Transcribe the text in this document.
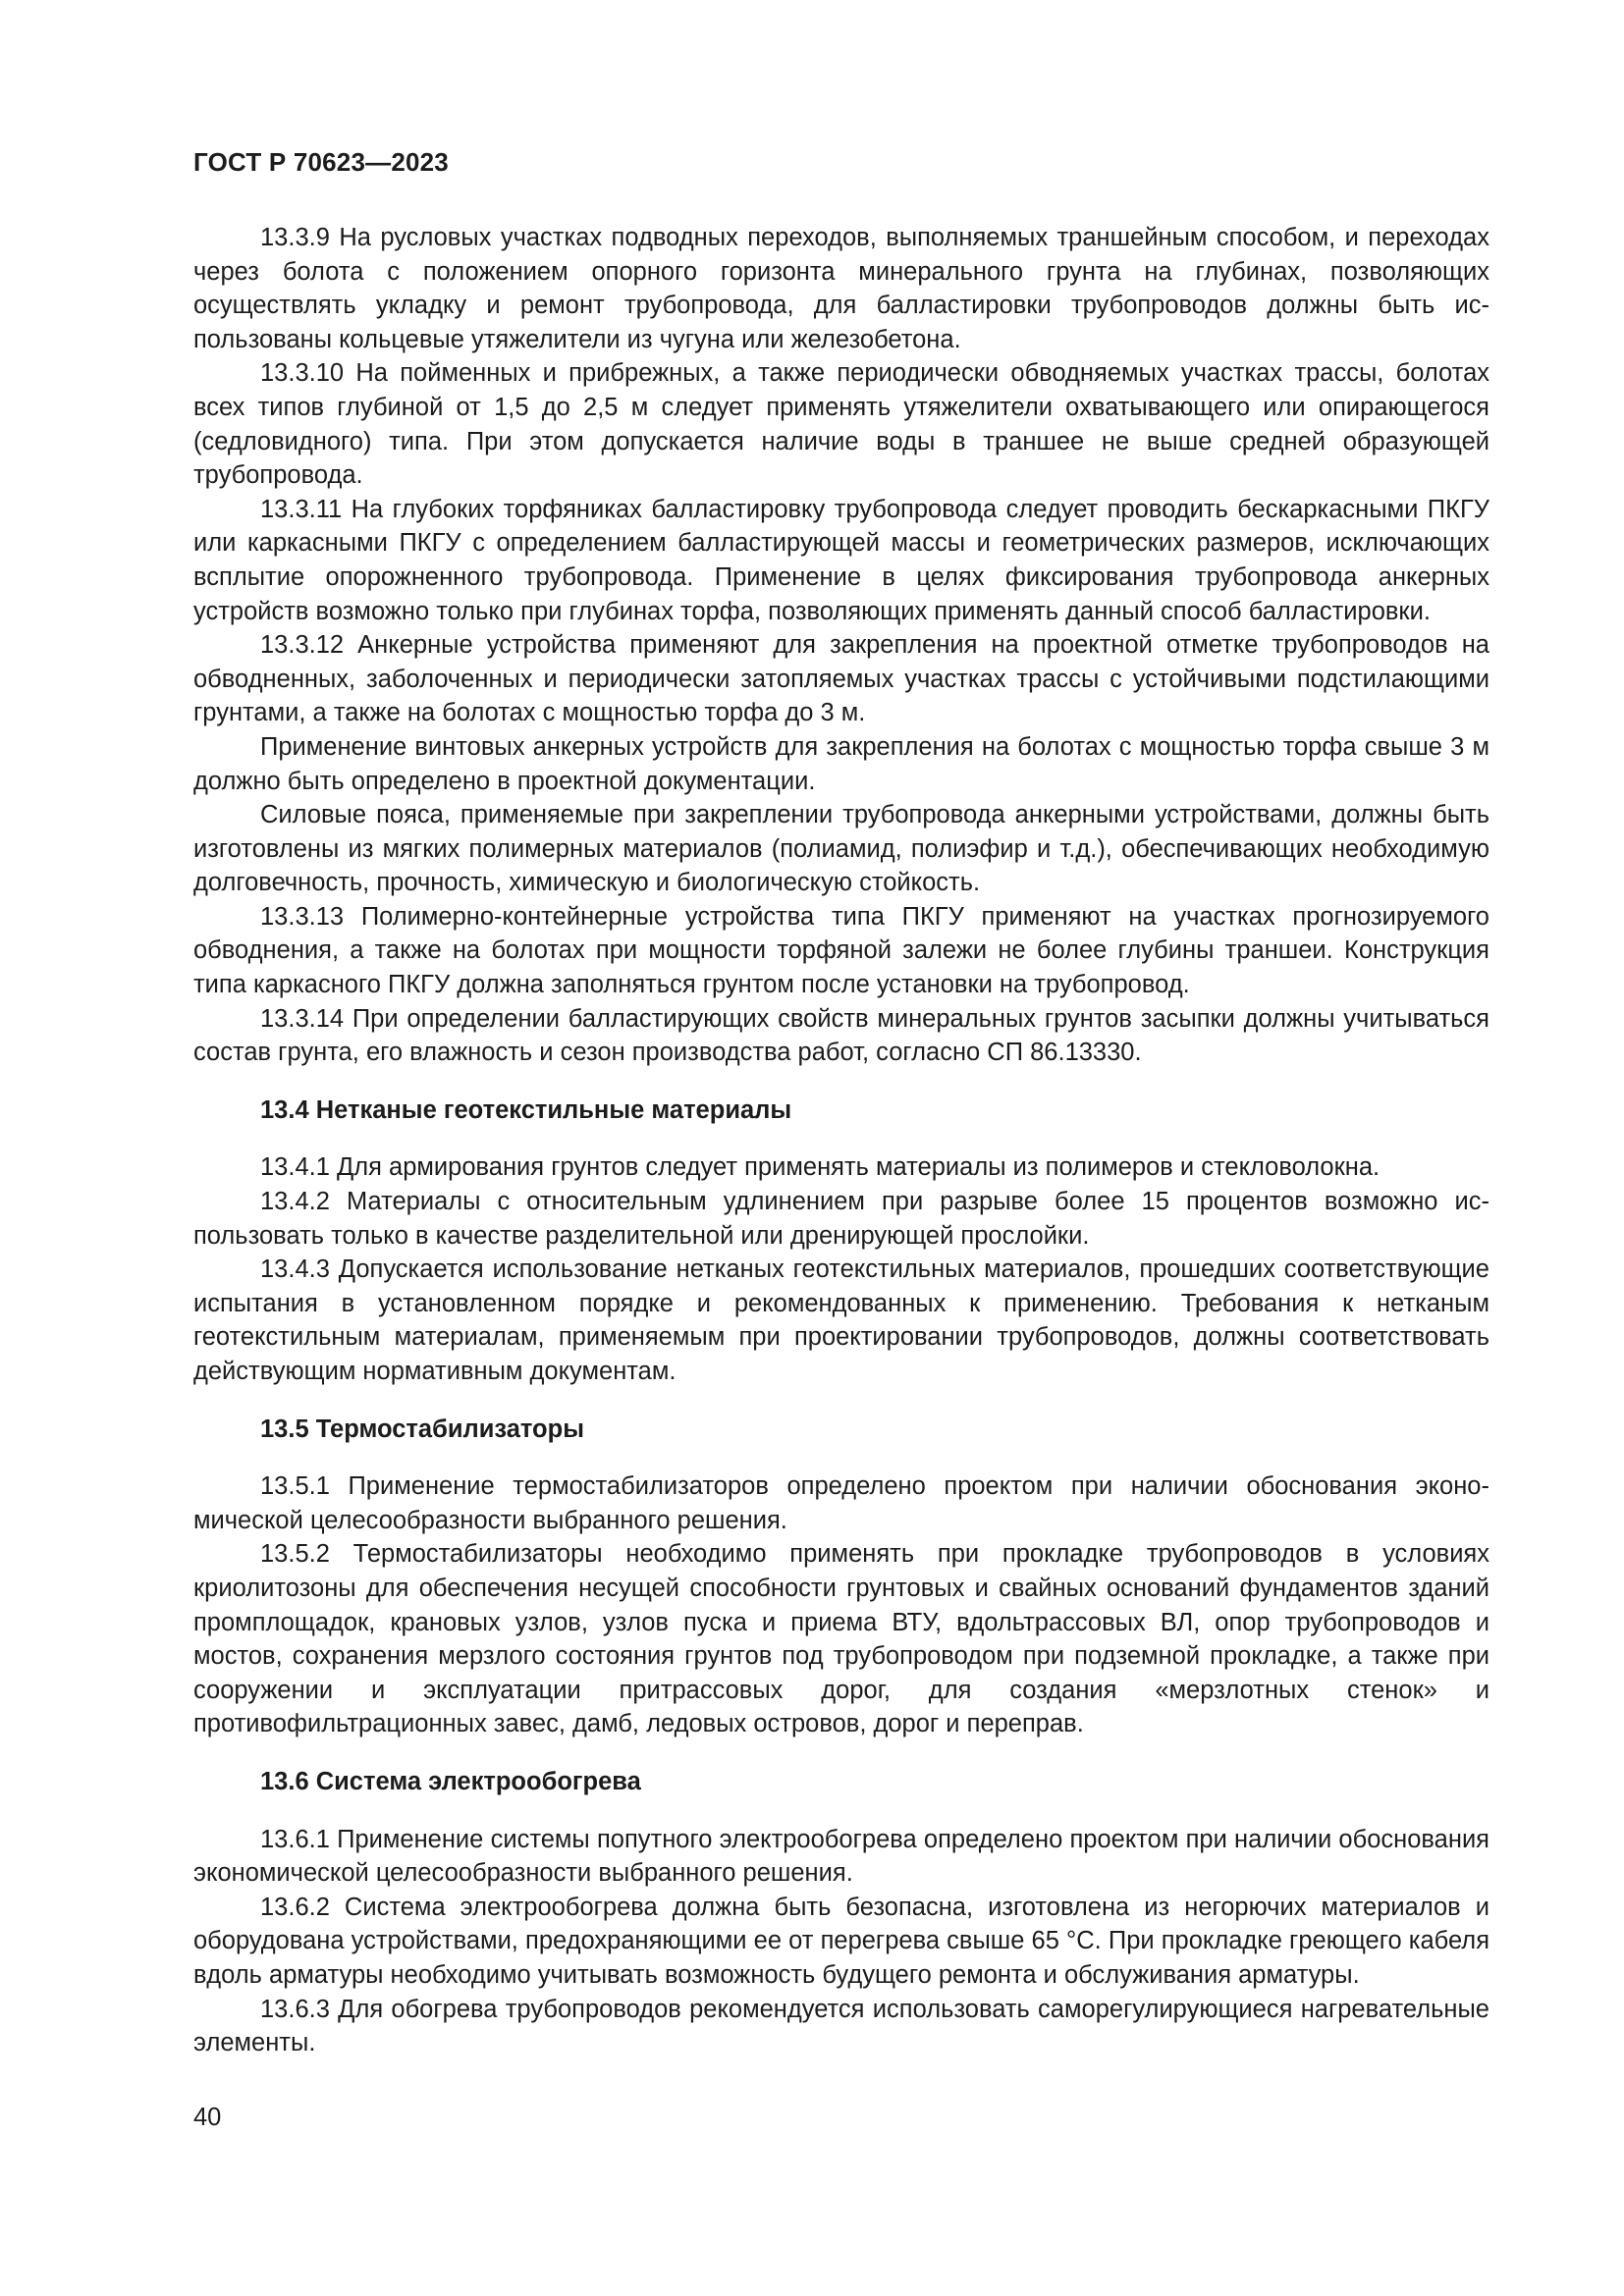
ГОСТ Р 70623—2023

13.3.9 На русловых участках подводных переходов, выполняемых траншейным способом, и переходах через болота с положением опорного горизонта минерального грунта на глубинах, позволяющих осуществлять укладку и ремонт трубопровода, для балластировки трубопроводов должны быть использованы кольцевые утяжелители из чугуна или железобетона.

13.3.10 На пойменных и прибрежных, а также периодически обводняемых участках трассы, болотах всех типов глубиной от 1,5 до 2,5 м следует применять утяжелители охватывающего или опирающегося (седловидного) типа. При этом допускается наличие воды в траншее не выше средней образующей трубопровода.

13.3.11 На глубоких торфяниках балластировку трубопровода следует проводить бескаркасными ПКГУ или каркасными ПКГУ с определением балластирующей массы и геометрических размеров, исключающих всплытие опорожненного трубопровода. Применение в целях фиксирования трубопровода анкерных устройств возможно только при глубинах торфа, позволяющих применять данный способ балластировки.

13.3.12 Анкерные устройства применяют для закрепления на проектной отметке трубопроводов на обводненных, заболоченных и периодически затопляемых участках трассы с устойчивыми подстилающими грунтами, а также на болотах с мощностью торфа до 3 м.

Применение винтовых анкерных устройств для закрепления на болотах с мощностью торфа свыше 3 м должно быть определено в проектной документации.

Силовые пояса, применяемые при закреплении трубопровода анкерными устройствами, должны быть изготовлены из мягких полимерных материалов (полиамид, полиэфир и т.д.), обеспечивающих необходимую долговечность, прочность, химическую и биологическую стойкость.

13.3.13 Полимерно-контейнерные устройства типа ПКГУ применяют на участках прогнозируемого обводнения, а также на болотах при мощности торфяной залежи не более глубины траншеи. Конструкция типа каркасного ПКГУ должна заполняться грунтом после установки на трубопровод.

13.3.14 При определении балластирующих свойств минеральных грунтов засыпки должны учитываться состав грунта, его влажность и сезон производства работ, согласно СП 86.13330.

13.4 Нетканые геотекстильные материалы

13.4.1 Для армирования грунтов следует применять материалы из полимеров и стекловолокна.

13.4.2 Материалы с относительным удлинением при разрыве более 15 процентов возможно использовать только в качестве разделительной или дренирующей прослойки.

13.4.3 Допускается использование нетканых геотекстильных материалов, прошедших соответствующие испытания в установленном порядке и рекомендованных к применению. Требования к нетканым геотекстильным материалам, применяемым при проектировании трубопроводов, должны соответствовать действующим нормативным документам.

13.5 Термостабилизаторы

13.5.1 Применение термостабилизаторов определено проектом при наличии обоснования экономической целесообразности выбранного решения.

13.5.2 Термостабилизаторы необходимо применять при прокладке трубопроводов в условиях криолитозоны для обеспечения несущей способности грунтовых и свайных оснований фундаментов зданий промплощадок, крановых узлов, узлов пуска и приема ВТУ, вдольтрассовых ВЛ, опор трубопроводов и мостов, сохранения мерзлого состояния грунтов под трубопроводом при подземной прокладке, а также при сооружении и эксплуатации притрассовых дорог, для создания «мерзлотных стенок» и противофильтрационных завес, дамб, ледовых островов, дорог и переправ.

13.6 Система электрообогрева

13.6.1 Применение системы попутного электрообогрева определено проектом при наличии обоснования экономической целесообразности выбранного решения.

13.6.2 Система электрообогрева должна быть безопасна, изготовлена из негорючих материалов и оборудована устройствами, предохраняющими ее от перегрева свыше 65 °С. При прокладке греющего кабеля вдоль арматуры необходимо учитывать возможность будущего ремонта и обслуживания арматуры.

13.6.3 Для обогрева трубопроводов рекомендуется использовать саморегулирующиеся нагревательные элементы.

40
